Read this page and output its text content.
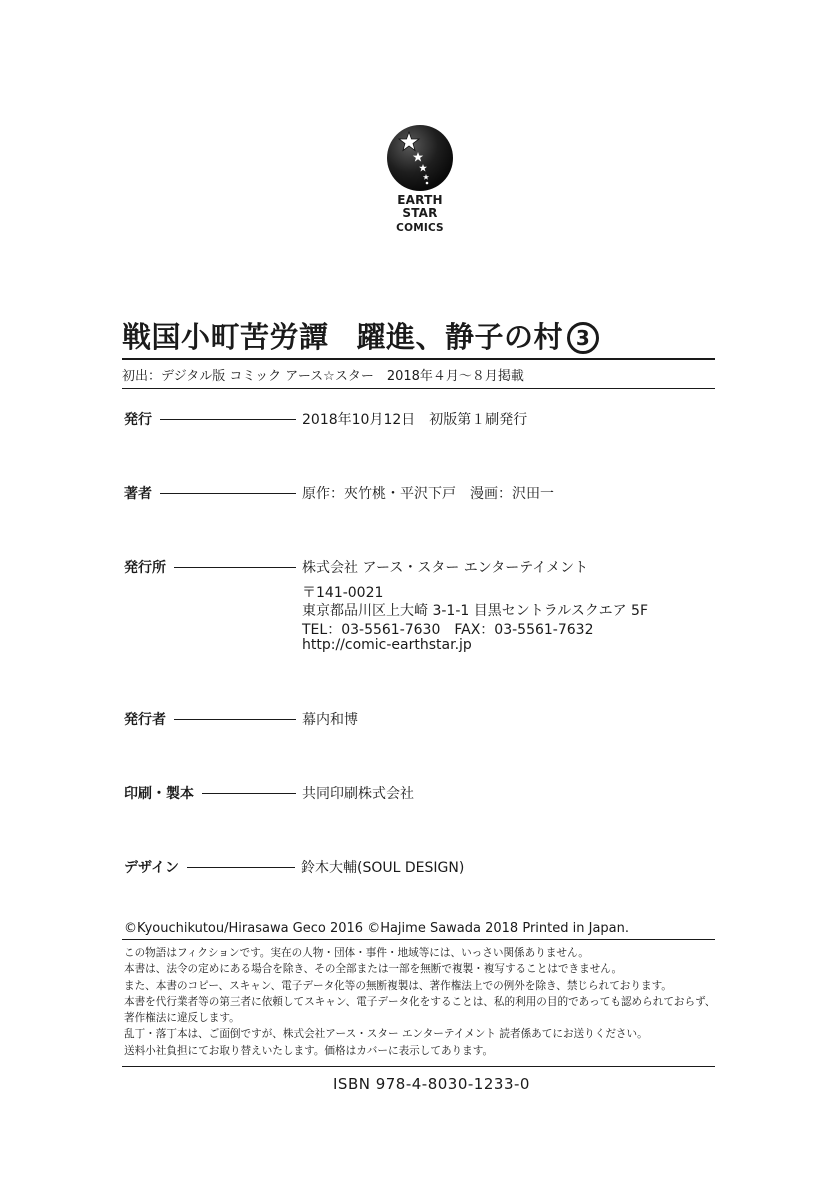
EARTH STAR
COMICS
戦国小町苦労譚 躍進、静子の村 3
初出：デジタル版 コミック アース☆スター　2018年４月～８月掲載
発行	2018年10月12日　初版第１刷発行
著者	原作：夾竹桃・平沢下戸　漫画：沢田一
発行所	株式会社 アース・スター エンターテイメント
〒141-0021
東京都品川区上大崎 3-1-1 目黒セントラルスクエア 5F
TEL：03-5561-7630　FAX：03-5561-7632
http://comic-earthstar.jp
発行者	幕内和博
印刷・製本	共同印刷株式会社
デザイン	鈴木大輔(SOUL DESIGN)
©Kyouchikutou/Hirasawa Geco 2016 ©Hajime Sawada 2018 Printed in Japan.
この物語はフィクションです。実在の人物・団体・事件・地域等には、いっさい関係ありません。
本書は、法令の定めにある場合を除き、その全部または一部を無断で複製・複写することはできません。
また、本書のコピー、スキャン、電子データ化等の無断複製は、著作権法上での例外を除き、禁じられております。
本書を代行業者等の第三者に依頼してスキャン、電子データ化をすることは、私的利用の目的であっても認められておらず、
著作権法に違反します。
乱丁・落丁本は、ご面倒ですが、株式会社アース・スター エンターテイメント 読者係あてにお送りください。
送料小社負担にてお取り替えいたします。価格はカバーに表示してあります。
ISBN 978-4-8030-1233-0
